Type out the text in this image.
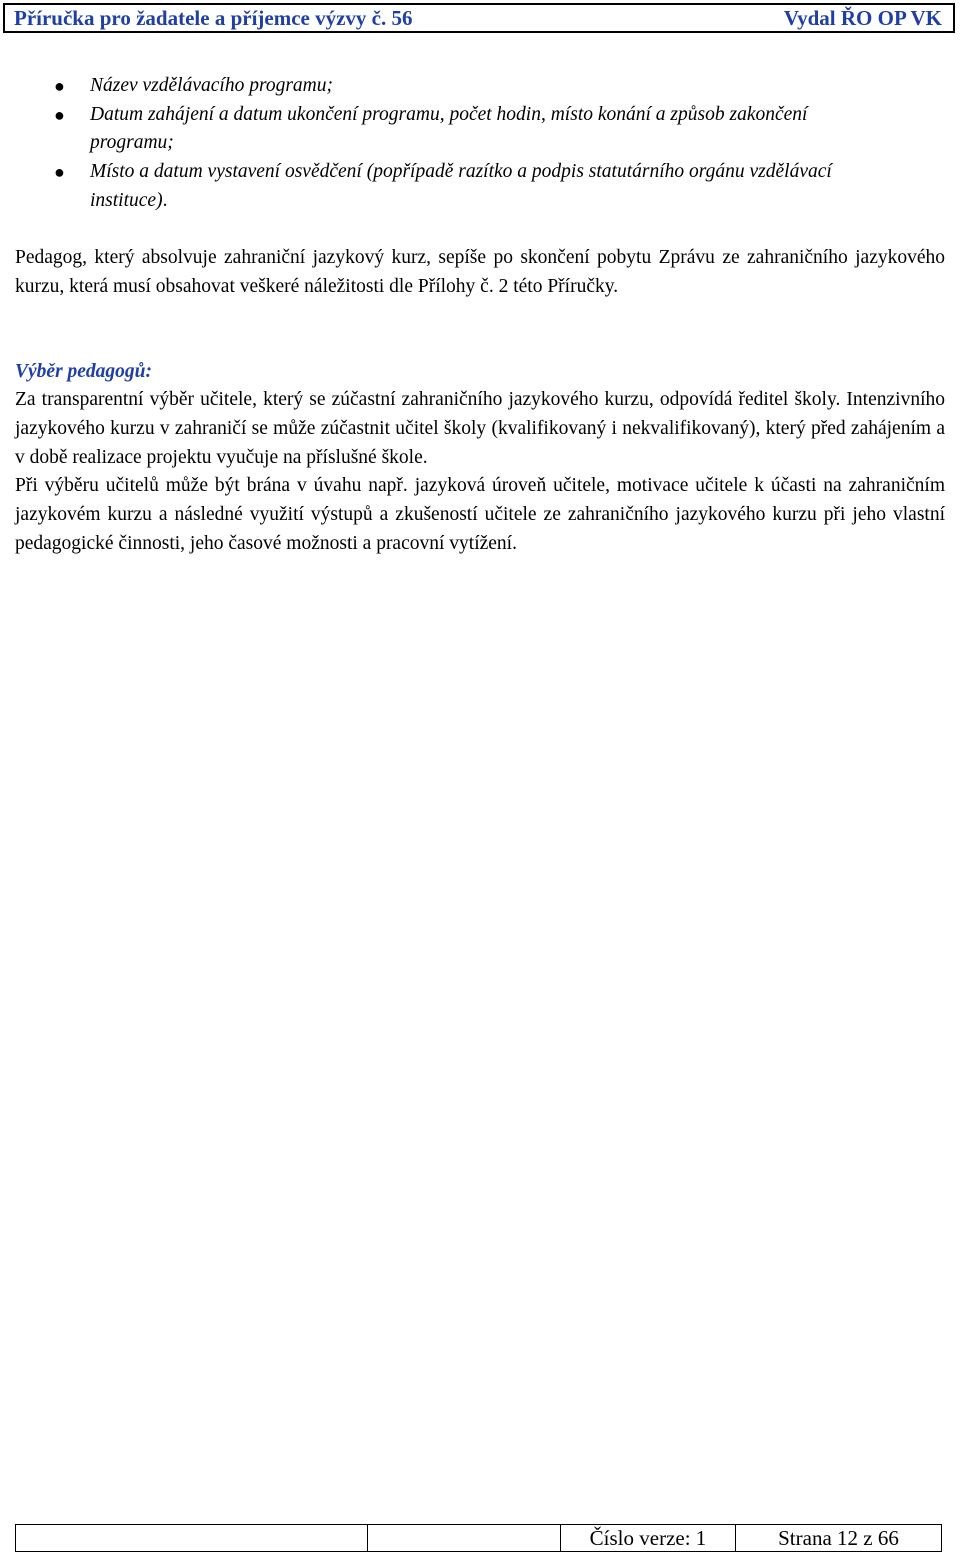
Příručka pro žadatele a příjemce výzvy č. 56	Vydal ŘO OP VK
● Název vzdělávacího programu;
● Datum zahájení a datum ukončení programu, počet hodin, místo konání a způsob zakončení programu;
● Místo a datum vystavení osvědčení (popřípadě razítko a podpis statutárního orgánu vzdělávací instituce).

Pedagog, který absolvuje zahraniční jazykový kurz, sepíše po skončení pobytu Zprávu ze zahraničního jazykového kurzu, která musí obsahovat veškeré náležitosti dle Přílohy č. 2 této Příručky.

Výběr pedagogů:

Za transparentní výběr učitele, který se zúčastní zahraničního jazykového kurzu, odpovídá ředitel školy. Intenzivního jazykového kurzu v zahraničí se může zúčastnit učitel školy (kvalifikovaný i nekvalifikovaný), který před zahájením a v době realizace projektu vyučuje na příslušné škole.

Při výběru učitelů může být brána v úvahu např. jazyková úroveň učitele, motivace učitele k účasti na zahraničním jazykovém kurzu a následné využití výstupů a zkušeností učitele ze zahraničního jazykového kurzu při jeho vlastní pedagogické činnosti, jeho časové možnosti a pracovní vytížení.

Číslo verze: 1	Strana 12 z 66
